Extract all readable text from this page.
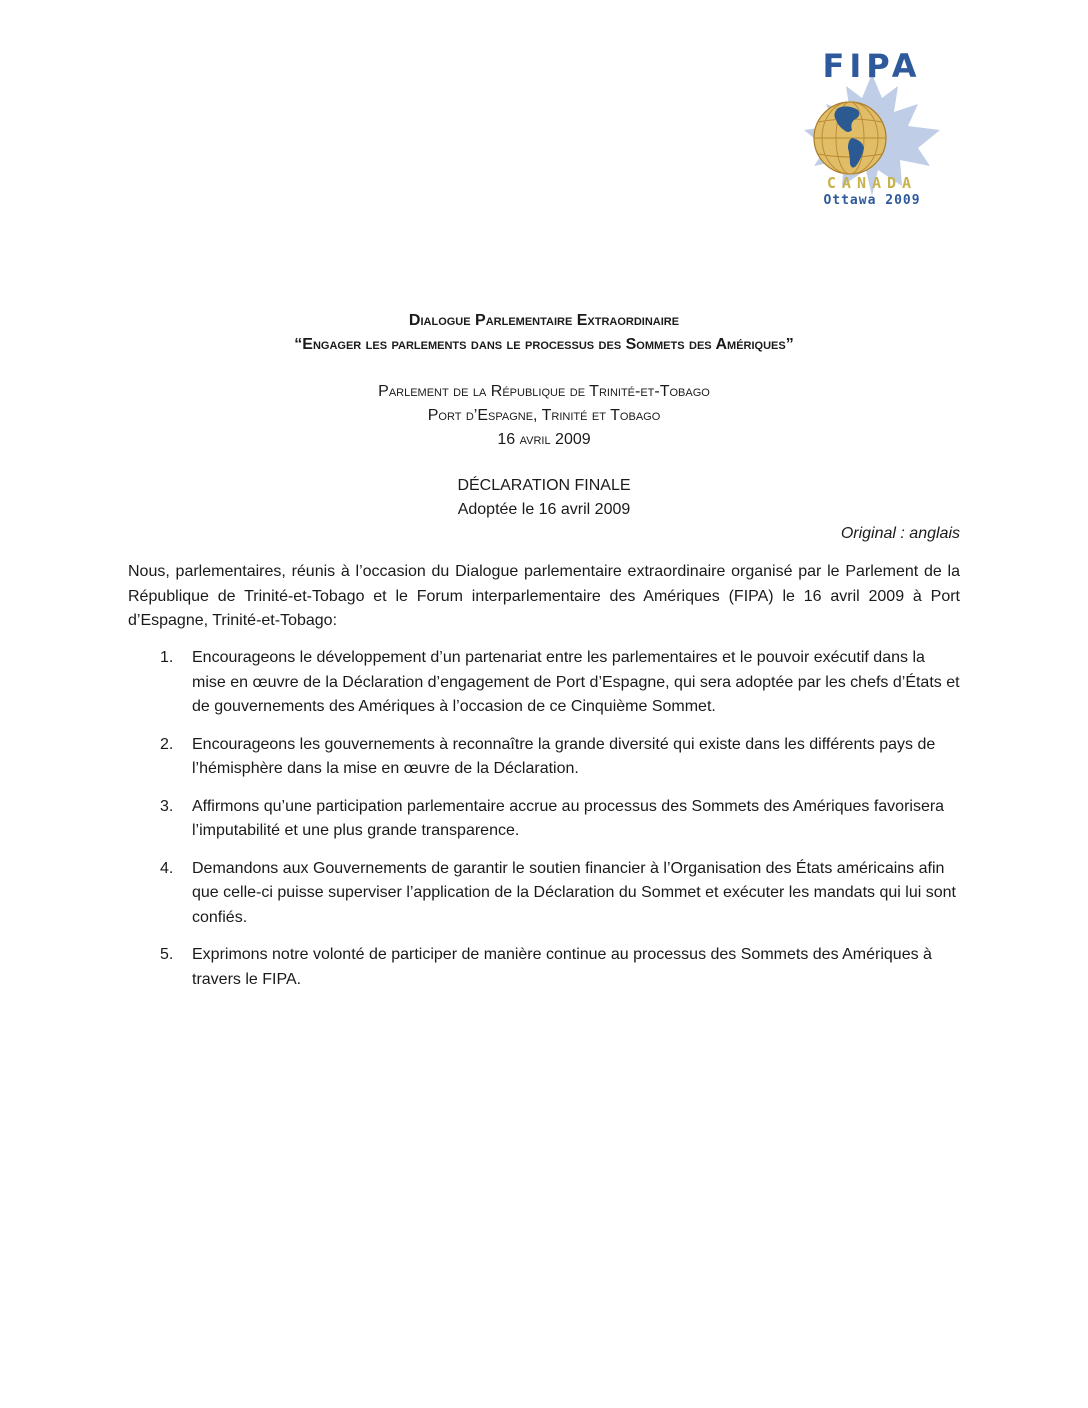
FIPA
CANADA
Ottawa 2009
Dialogue Parlementaire Extraordinaire
“Engager les parlements dans le processus des Sommets des Amériques”
Parlement de la République de Trinité-et-Tobago
Port d’Espagne, Trinité et Tobago
16 avril 2009
DÉCLARATION FINALE
Adoptée le 16 avril 2009
Original : anglais
Nous, parlementaires, réunis à l’occasion du Dialogue parlementaire extraordinaire organisé par le Parlement de la République de Trinité-et-Tobago et le Forum interparlementaire des Amériques (FIPA) le 16 avril 2009 à Port d’Espagne, Trinité-et-Tobago:
1. Encourageons le développement d’un partenariat entre les parlementaires et le pouvoir exécutif dans la mise en œuvre de la Déclaration d’engagement de Port d’Espagne, qui sera adoptée par les chefs d’États et de gouvernements des Amériques à l’occasion de ce Cinquième Sommet.
2. Encourageons les gouvernements à reconnaître la grande diversité qui existe dans les différents pays de l’hémisphère dans la mise en œuvre de la Déclaration.
3. Affirmons qu’une participation parlementaire accrue au processus des Sommets des Amériques favorisera l’imputabilité et une plus grande transparence.
4. Demandons aux Gouvernements de garantir le soutien financier à l’Organisation des États américains afin que celle-ci puisse superviser l’application de la Déclaration du Sommet et exécuter les mandats qui lui sont confiés.
5. Exprimons notre volonté de participer de manière continue au processus des Sommets des Amériques à travers le FIPA.
